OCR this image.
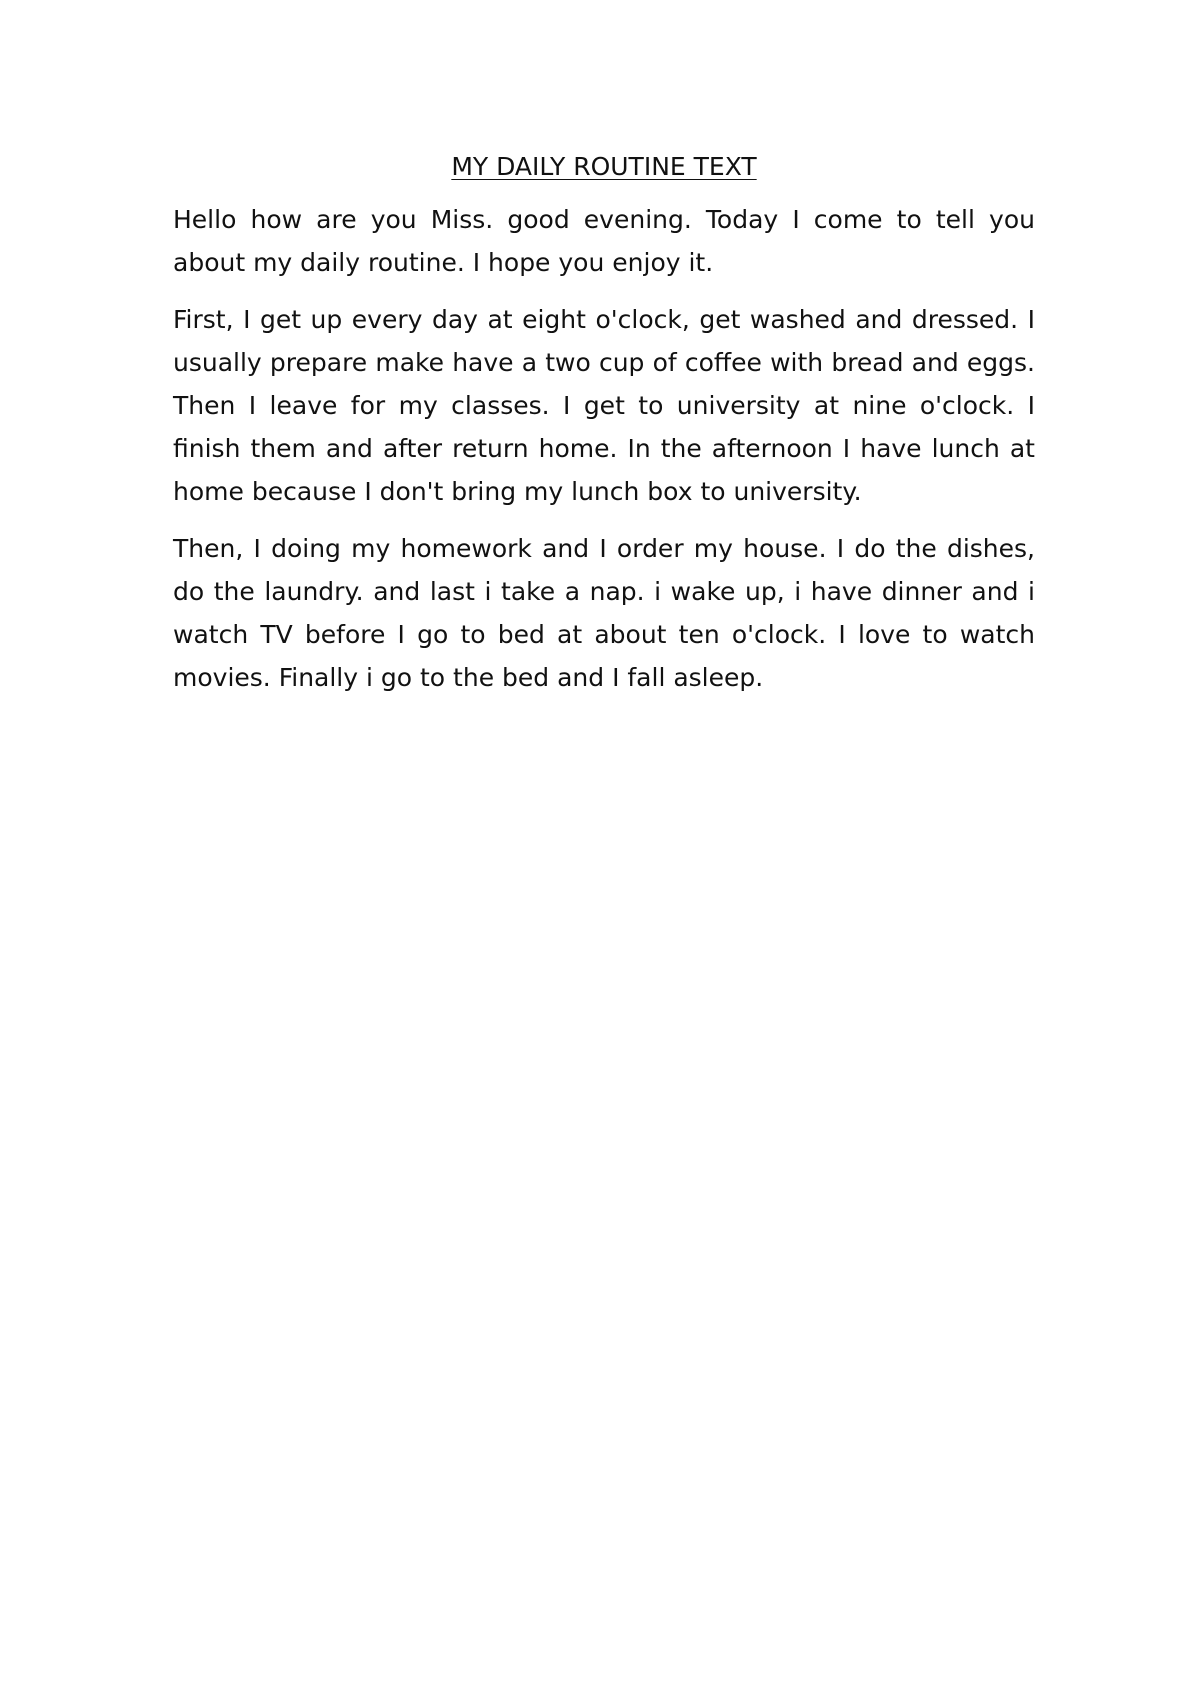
MY DAILY ROUTINE TEXT

Hello how are you Miss. good evening. Today I come to tell you about my daily routine. I hope you enjoy it.

First, I get up every day at eight o'clock, get washed and dressed. I usually prepare make have a two cup of coffee with bread and eggs. Then I leave for my classes. I get to university at nine o'clock. I finish them and after return home. In the afternoon I have lunch at home because I don't bring my lunch box to university.

Then, I doing my homework and I order my house. I do the dishes, do the laundry. and last i take a nap. i wake up, i have dinner and i watch TV before I go to bed at about ten o'clock. I love to watch movies. Finally i go to the bed and I fall asleep.
